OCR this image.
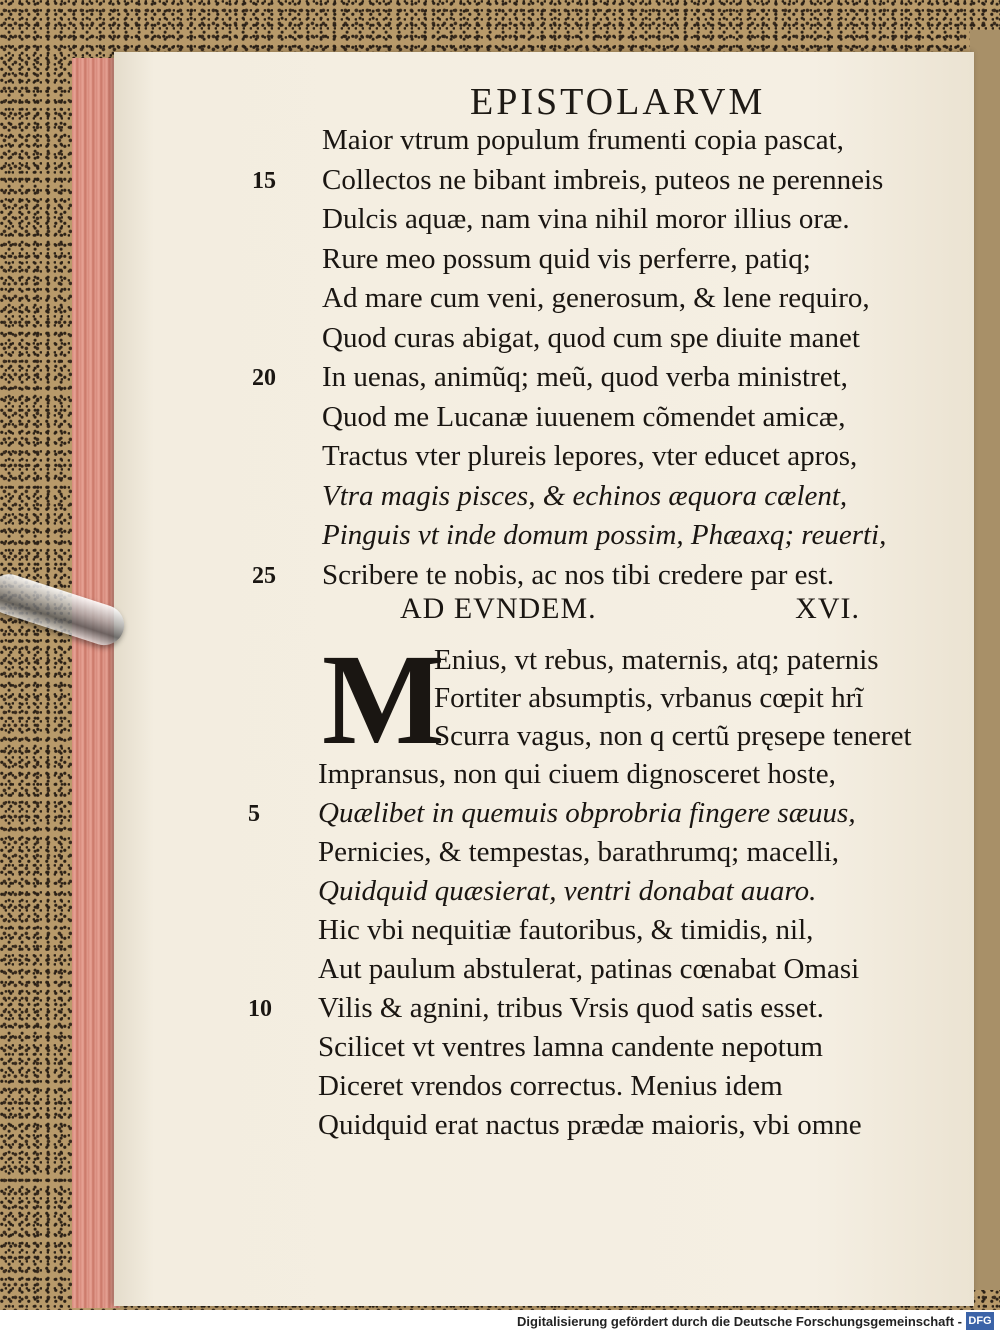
EPISTOLARVM
Maior vtrum populum frumenti copia pascat,
15 Collectos ne bibant imbreis, puteos ne perenneis
Dulcis aquæ, nam vina nihil moror illius oræ.
Rure meo possum quid vis perferre, patiq;
Ad mare cum veni, generosum, & lene requiro,
Quod curas abigat, quod cum spe diuite manet
20 In uenas, animũq; meũ, quod verba ministret,
Quod me Lucanæ iuuenem cõmendet amicæ,
Tractus vter plureis lepores, vter educet apros,
Vtra magis pisces, & echinos æquora cælent,
Pinguis vt inde domum possim, Phæaxq; reuerti,
25 Scribere te nobis, ac nos tibi credere par est.
AD EVNDEM.	XVI.
M
Enius, vt rebus, maternis, atq; paternis
Fortiter absumptis, vrbanus cœpit hrĩ
Scurra vagus, non q certũ pręsepe teneret
Impransus, non qui ciuem dignosceret hoste,
5 Quælibet in quemuis obprobria fingere sæuus,
Pernicies, & tempestas, barathrumq; macelli,
Quidquid quæsierat, ventri donabat auaro.
Hic vbi nequitiæ fautoribus, & timidis, nil,
Aut paulum abstulerat, patinas cœnabat Omasi
10 Vilis & agnini, tribus Vrsis quod satis esset.
Scilicet vt ventres lamna candente nepotum
Diceret vrendos correctus. Menius idem
Quidquid erat nactus prædæ maioris, vbi omne
Digitalisierung gefördert durch die Deutsche Forschungsgemeinschaft - DFG
